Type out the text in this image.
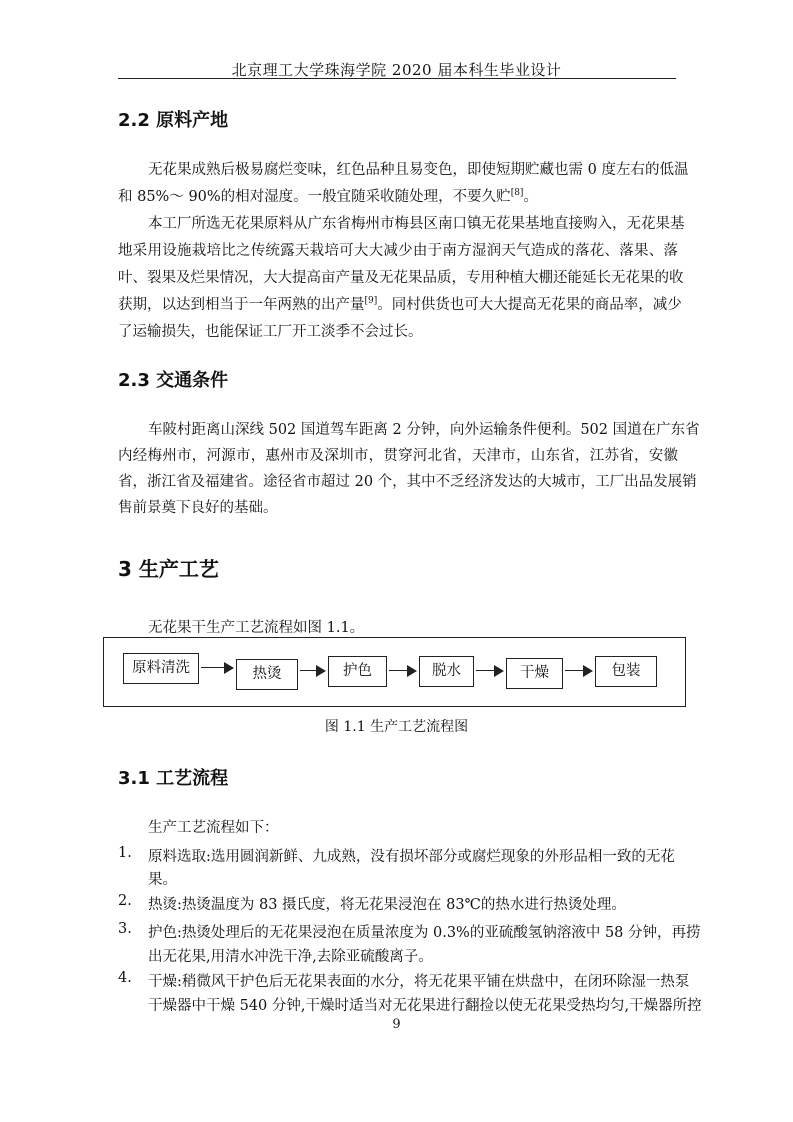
北京理工大学珠海学院 2020 届本科生毕业设计
2.2 原料产地
无花果成熟后极易腐烂变味，红色品种且易变色，即使短期贮藏也需 0 度左右的低温
和 85%～ 90%的相对湿度。一般宜随采收随处理，不要久贮[8]。
本工厂所选无花果原料从广东省梅州市梅县区南口镇无花果基地直接购入，无花果基
地采用设施栽培比之传统露天栽培可大大减少由于南方湿润天气造成的落花、落果、落
叶、裂果及烂果情况，大大提高亩产量及无花果品质，专用种植大棚还能延长无花果的收
获期，以达到相当于一年两熟的出产量[9]。同村供货也可大大提高无花果的商品率，减少
了运输损失，也能保证工厂开工淡季不会过长。
2.3 交通条件
车陂村距离山深线 502 国道驾车距离 2 分钟，向外运输条件便利。502 国道在广东省
内经梅州市，河源市，惠州市及深圳市，贯穿河北省，天津市，山东省，江苏省，安徽
省，浙江省及福建省。途径省市超过 20 个，其中不乏经济发达的大城市，工厂出品发展销
售前景奠下良好的基础。
3 生产工艺
无花果干生产工艺流程如图 1.1。
原料清洗	热烫	护色	脱水	干燥	包装
图 1.1 生产工艺流程图
3.1 工艺流程
生产工艺流程如下：
1. 原料选取:选用圆润新鲜、九成熟，没有损坏部分或腐烂现象的外形品相一致的无花
果。
2. 热烫:热烫温度为 83 摄氏度，将无花果浸泡在 83℃的热水进行热烫处理。
3. 护色:热烫处理后的无花果浸泡在质量浓度为 0.3%的亚硫酸氢钠溶液中 58 分钟，再捞
出无花果,用清水冲洗干净,去除亚硫酸离子。
4. 干燥:稍微风干护色后无花果表面的水分，将无花果平铺在烘盘中，在闭环除湿一热泵
干燥器中干燥 540 分钟,干燥时适当对无花果进行翻捡以使无花果受热均匀,干燥器所控
9
